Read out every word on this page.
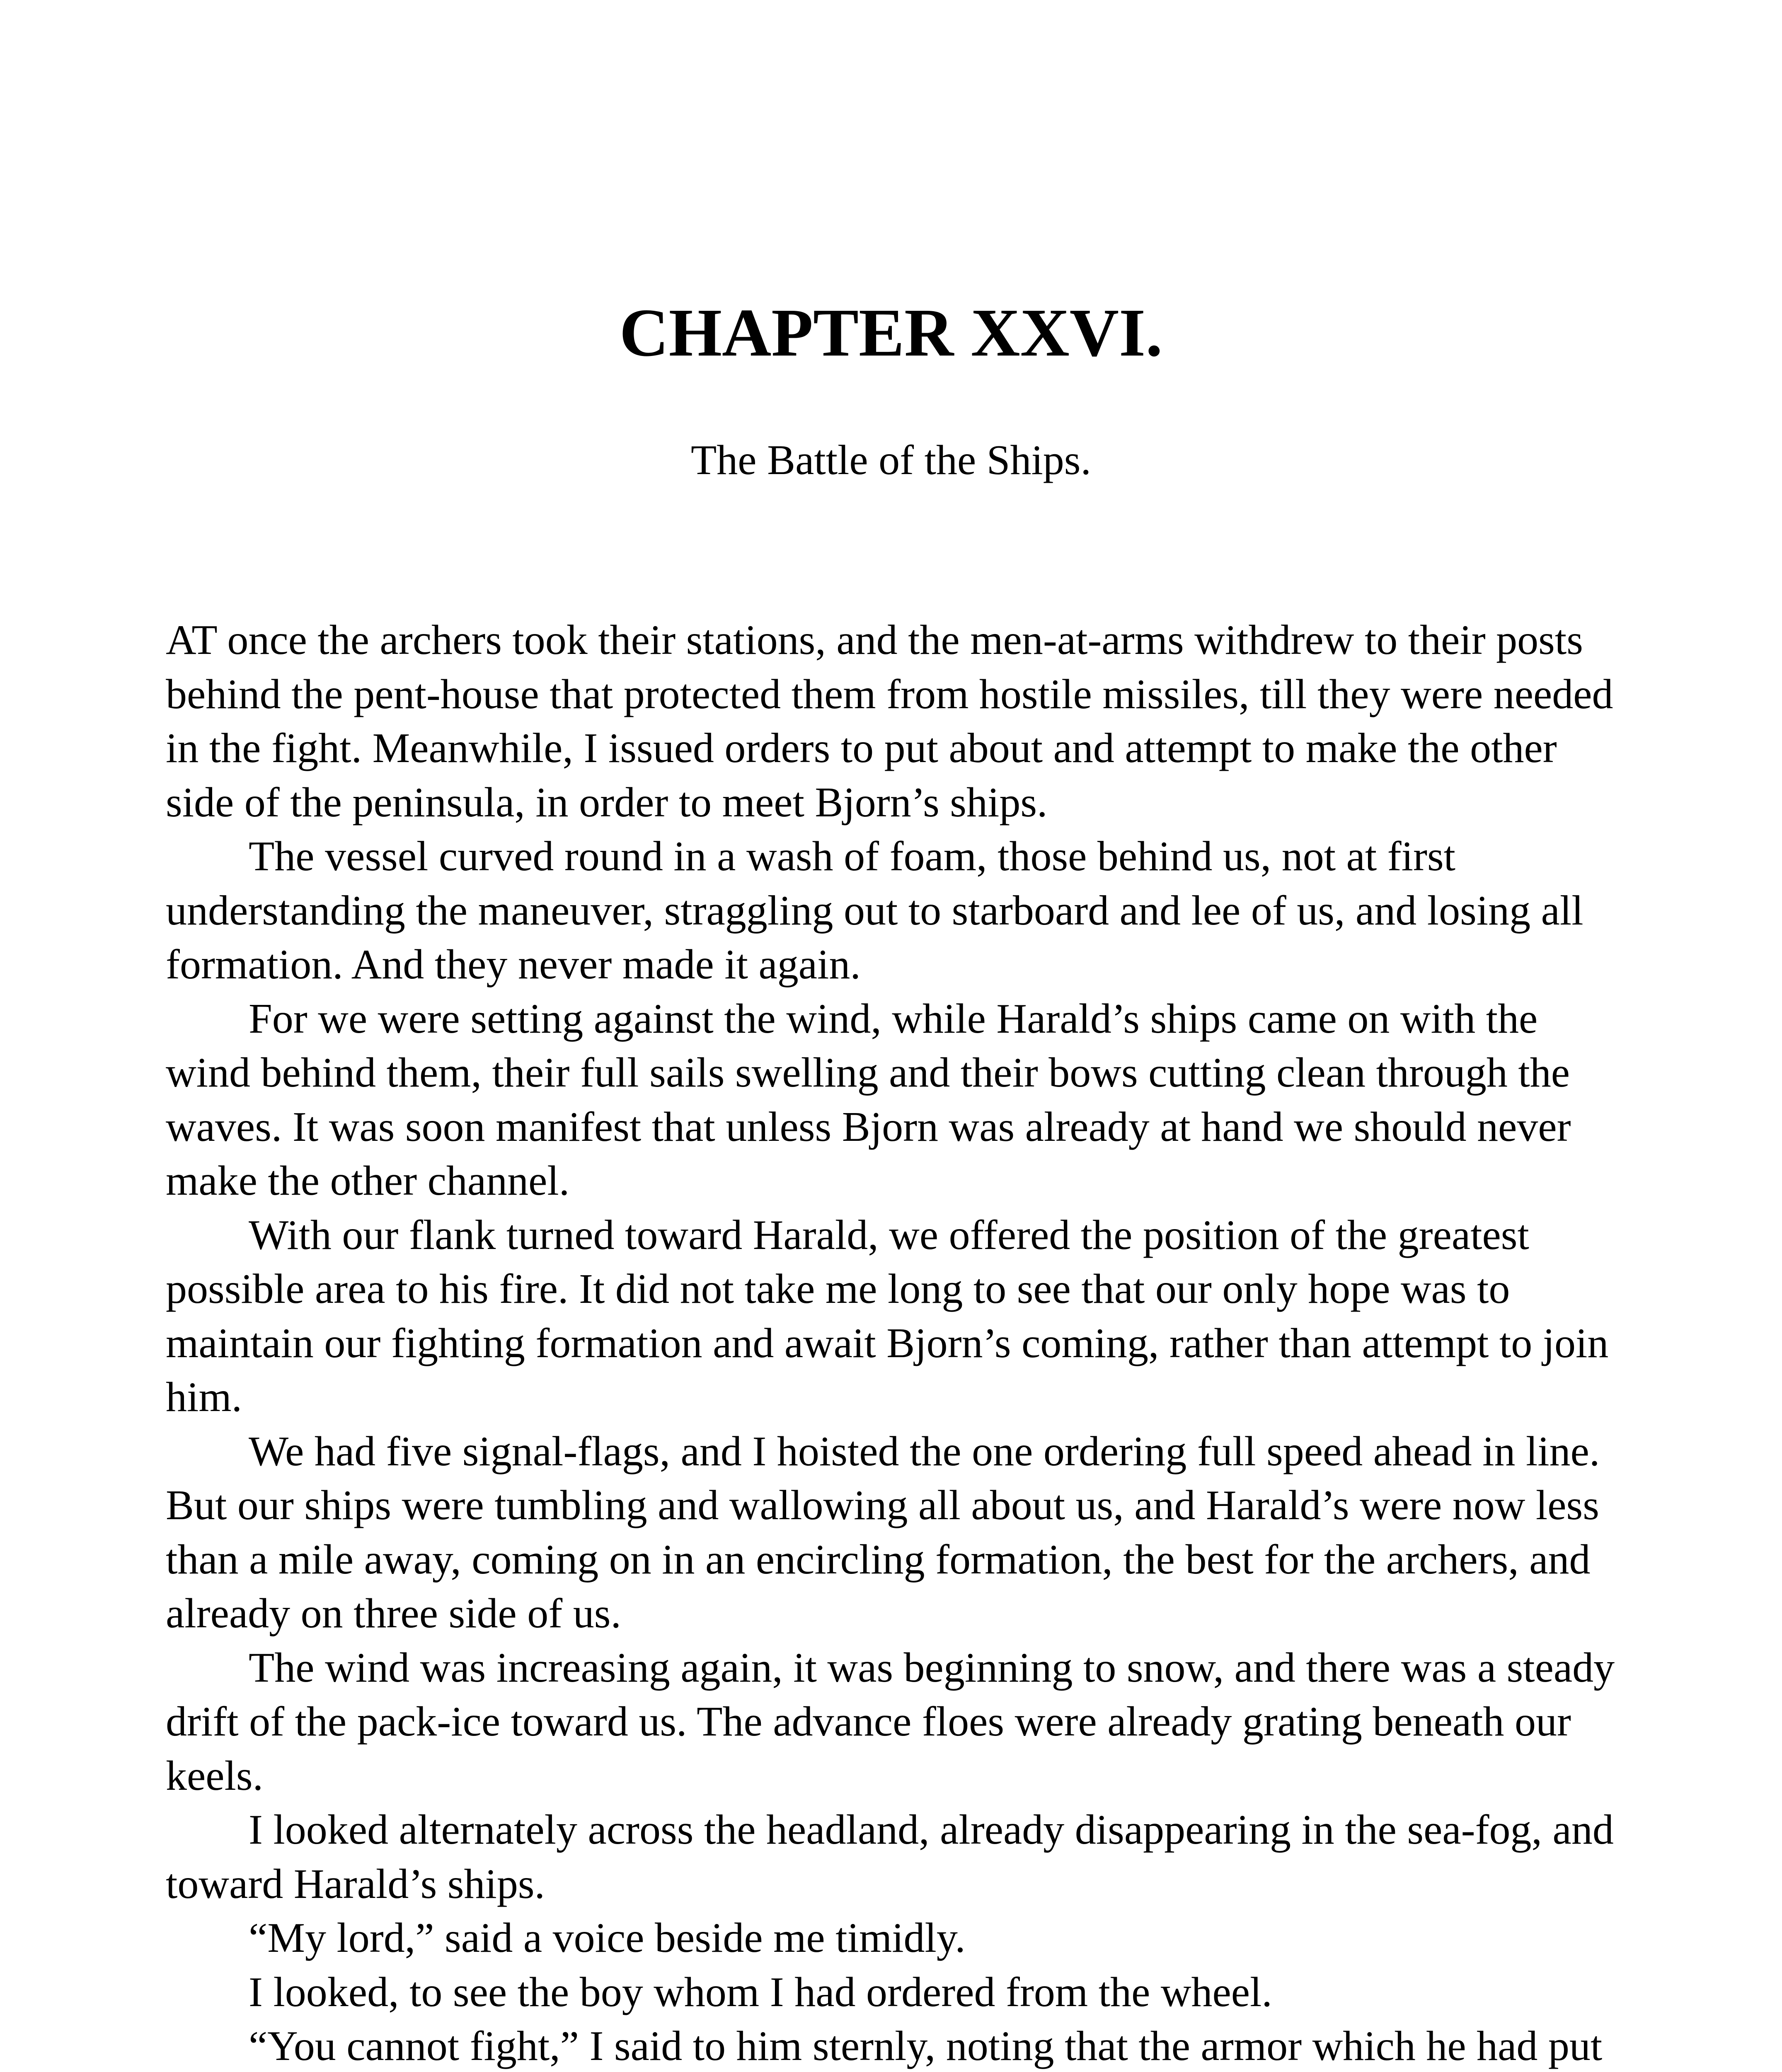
CHAPTER XXVI.
The Battle of the Ships.

AT once the archers took their stations, and the men-at-arms withdrew to their posts behind the pent-house that protected them from hostile missiles, till they were needed in the fight. Meanwhile, I issued orders to put about and attempt to make the other side of the peninsula, in order to meet Bjorn’s ships.

The vessel curved round in a wash of foam, those behind us, not at first understanding the maneuver, straggling out to starboard and lee of us, and losing all formation. And they never made it again.

For we were setting against the wind, while Harald’s ships came on with the wind behind them, their full sails swelling and their bows cutting clean through the waves. It was soon manifest that unless Bjorn was already at hand we should never make the other channel.

With our flank turned toward Harald, we offered the position of the greatest possible area to his fire. It did not take me long to see that our only hope was to maintain our fighting formation and await Bjorn’s coming, rather than attempt to join him.

We had five signal-flags, and I hoisted the one ordering full speed ahead in line. But our ships were tumbling and wallowing all about us, and Harald’s were now less than a mile away, coming on in an encircling formation, the best for the archers, and already on three side of us.

The wind was increasing again, it was beginning to snow, and there was a steady drift of the pack-ice toward us. The advance floes were already grating beneath our keels.

I looked alternately across the headland, already disappearing in the sea-fog, and toward Harald’s ships.

“My lord,” said a voice beside me timidly.

I looked, to see the boy whom I had ordered from the wheel.

“You cannot fight,” I said to him sternly, noting that the armor which he had put
